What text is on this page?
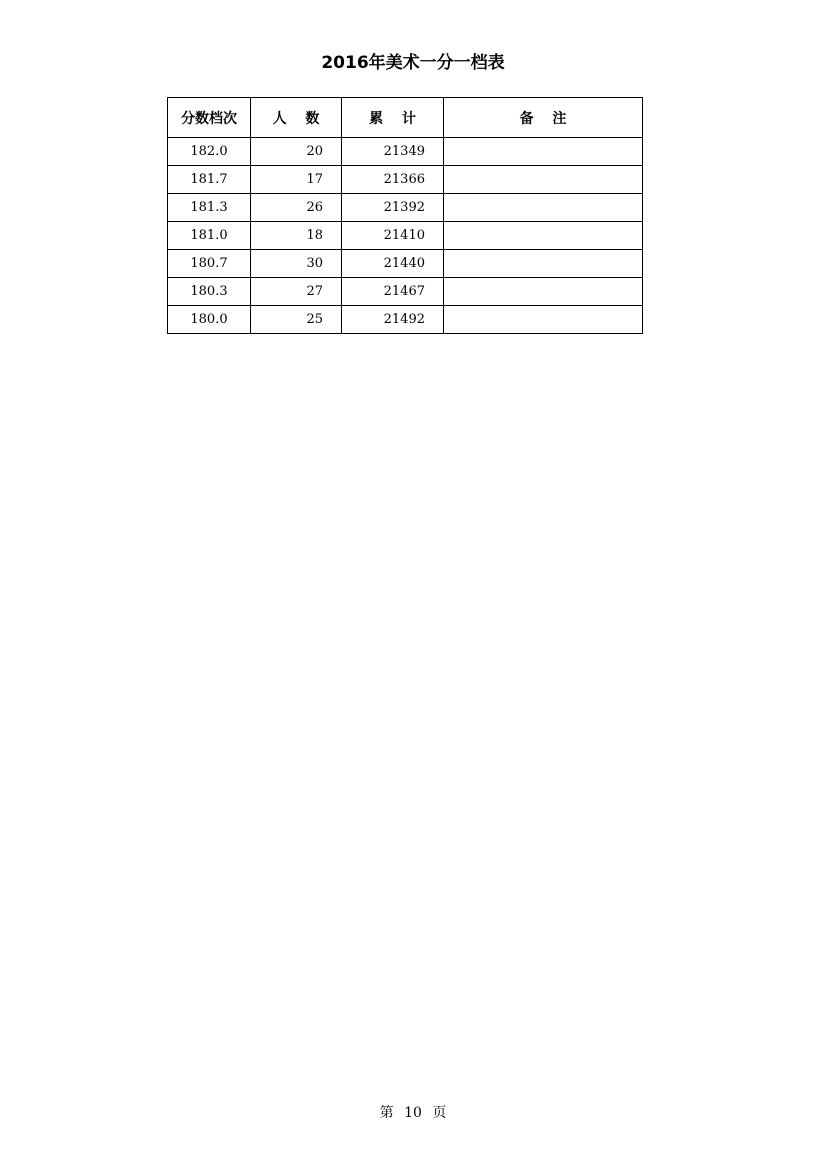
2016年美术一分一档表
分数档次	人 数	累 计	备 注
182.0	20	21349	
181.7	17	21366	
181.3	26	21392	
181.0	18	21410	
180.7	30	21440	
180.3	27	21467	
180.0	25	21492	
第 10 页
